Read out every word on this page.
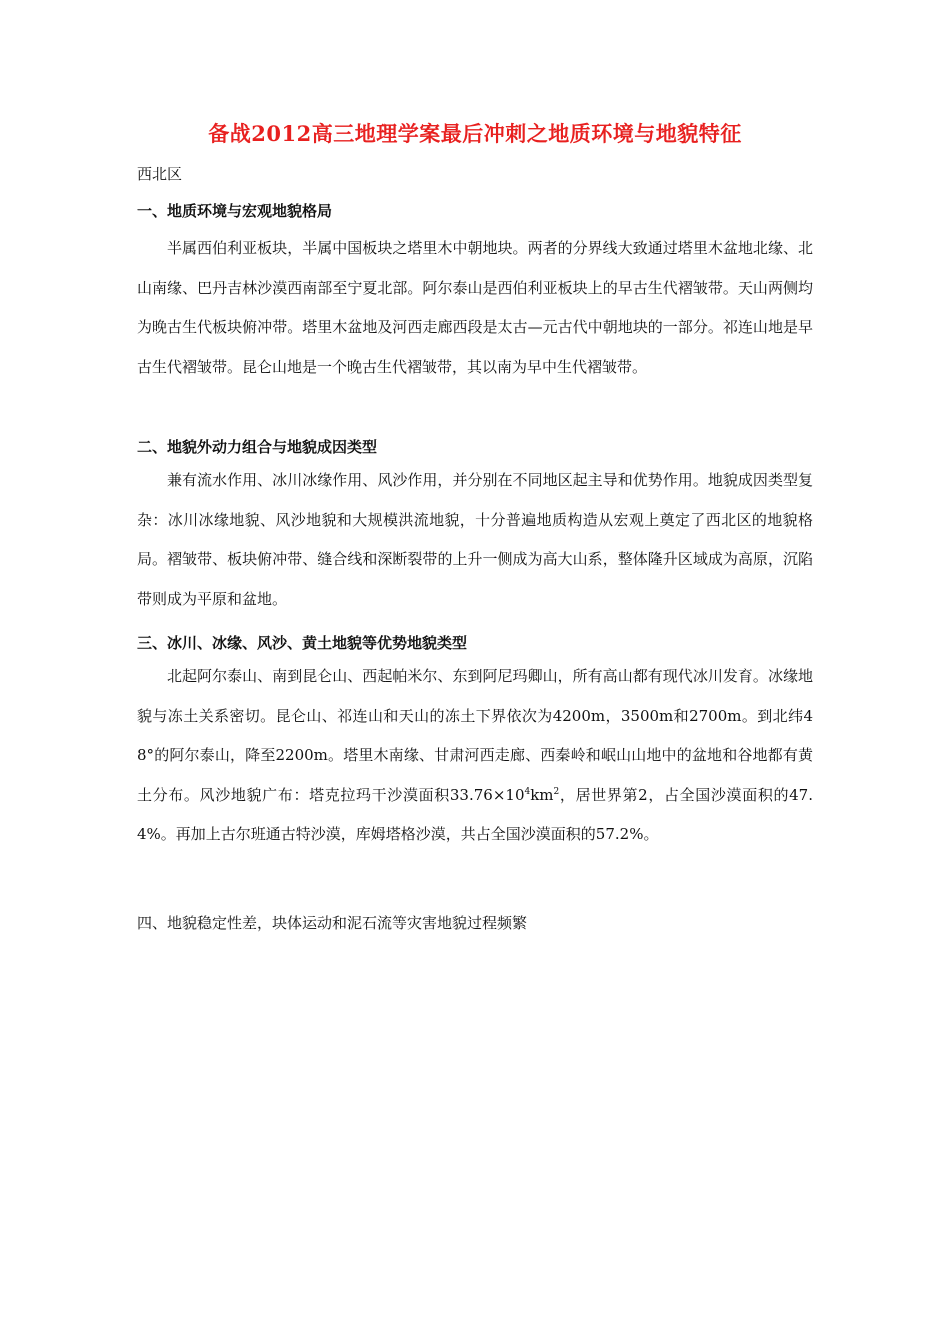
备战2012高三地理学案最后冲刺之地质环境与地貌特征
西北区
一、地质环境与宏观地貌格局
半属西伯利亚板块，半属中国板块之塔里木中朝地块。两者的分界线大致通过塔里木盆地北缘、北山南缘、巴丹吉林沙漠西南部至宁夏北部。阿尔泰山是西伯利亚板块上的早古生代褶皱带。天山两侧均为晚古生代板块俯冲带。塔里木盆地及河西走廊西段是太古—元古代中朝地块的一部分。祁连山地是早古生代褶皱带。昆仑山地是一个晚古生代褶皱带，其以南为早中生代褶皱带。
二、地貌外动力组合与地貌成因类型
兼有流水作用、冰川冰缘作用、风沙作用，并分别在不同地区起主导和优势作用。地貌成因类型复杂：冰川冰缘地貌、风沙地貌和大规模洪流地貌，十分普遍地质构造从宏观上奠定了西北区的地貌格局。褶皱带、板块俯冲带、缝合线和深断裂带的上升一侧成为高大山系，整体隆升区域成为高原，沉陷带则成为平原和盆地。
三、冰川、冰缘、风沙、黄土地貌等优势地貌类型
北起阿尔泰山、南到昆仑山、西起帕米尔、东到阿尼玛卿山，所有高山都有现代冰川发育。冰缘地貌与冻土关系密切。昆仑山、祁连山和天山的冻土下界依次为4200m，3500m和2700m。到北纬48°的阿尔泰山，降至2200m。塔里木南缘、甘肃河西走廊、西秦岭和岷山山地中的盆地和谷地都有黄土分布。风沙地貌广布：塔克拉玛干沙漠面积$33.76\times 10^4km^2$，居世界第2，占全国沙漠面积的47.4%。再加上古尔班通古特沙漠，库姆塔格沙漠，共占全国沙漠面积的57.2%。
四、地貌稳定性差，块体运动和泥石流等灾害地貌过程频繁
